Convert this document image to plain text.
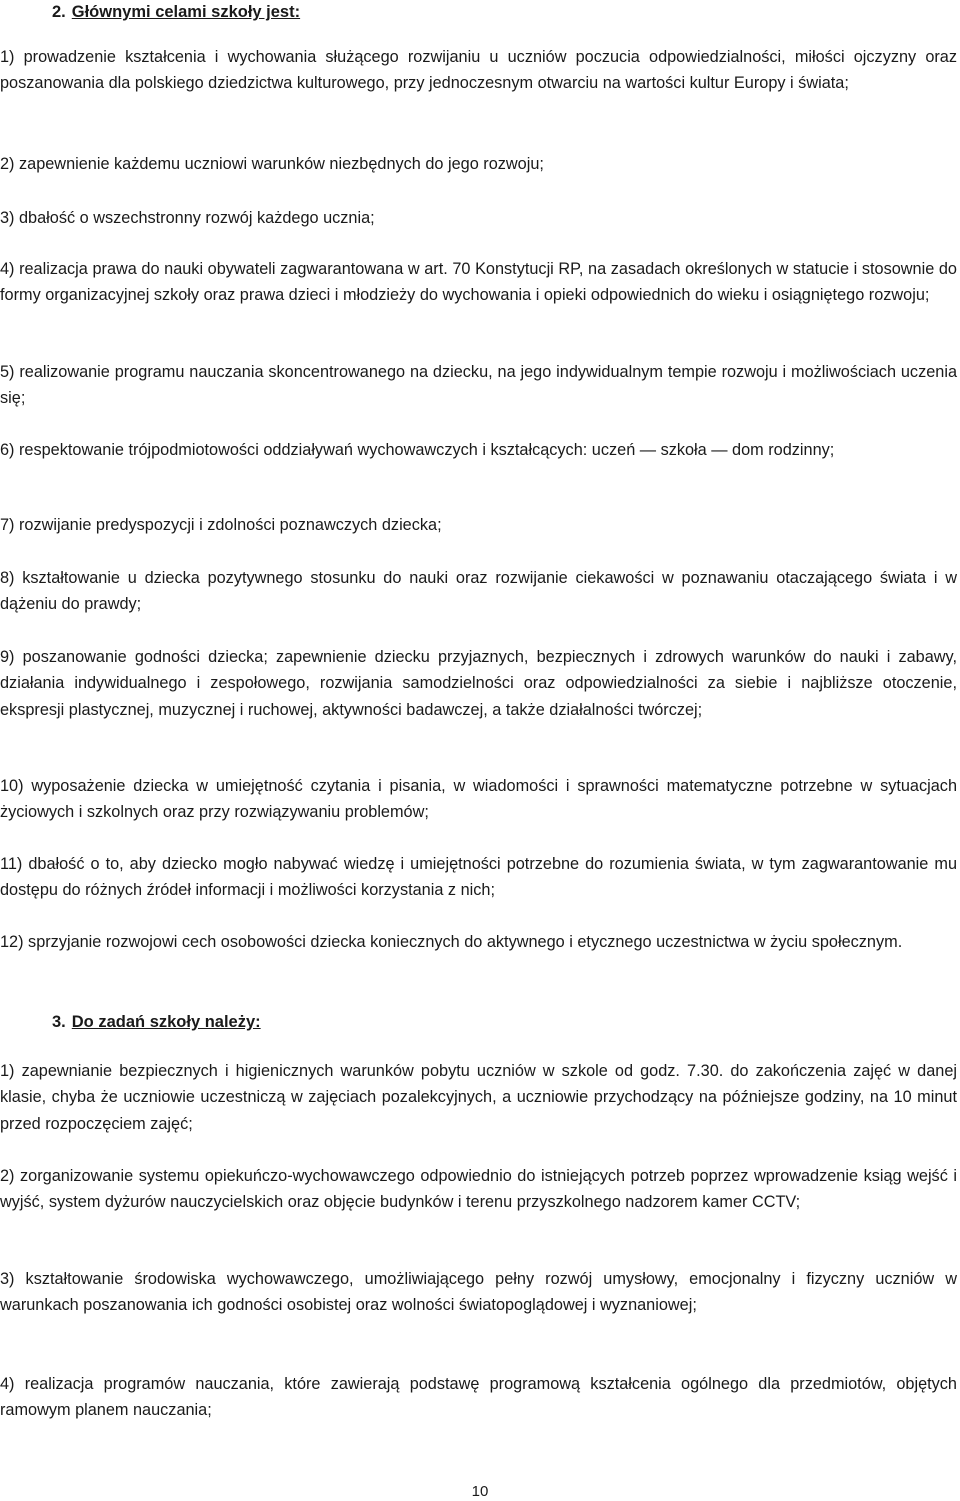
2. Głównymi celami szkoły jest:
1) prowadzenie kształcenia i wychowania służącego rozwijaniu u uczniów poczucia odpowiedzialności, miłości ojczyzny oraz poszanowania dla polskiego dziedzictwa kulturowego, przy jednoczesnym otwarciu na wartości kultur Europy i świata;
2) zapewnienie każdemu uczniowi warunków niezbędnych do jego rozwoju;
3) dbałość o wszechstronny rozwój każdego ucznia;
4) realizacja prawa do nauki obywateli zagwarantowana w art. 70 Konstytucji RP, na zasadach określonych w statucie i stosownie do formy organizacyjnej szkoły oraz prawa dzieci i młodzieży do wychowania i opieki odpowiednich do wieku i osiągniętego rozwoju;
5) realizowanie programu nauczania skoncentrowanego na dziecku, na jego indywidualnym tempie rozwoju i możliwościach uczenia się;
6) respektowanie trójpodmiotowości oddziaływań wychowawczych i kształcących: uczeń — szkoła — dom rodzinny;
7) rozwijanie predyspozycji i zdolności poznawczych dziecka;
8) kształtowanie u dziecka pozytywnego stosunku do nauki oraz rozwijanie ciekawości w poznawaniu otaczającego świata i w dążeniu do prawdy;
9) poszanowanie godności dziecka; zapewnienie dziecku przyjaznych, bezpiecznych i zdrowych warunków do nauki i zabawy, działania indywidualnego i zespołowego, rozwijania samodzielności oraz odpowiedzialności za siebie i najbliższe otoczenie, ekspresji plastycznej, muzycznej i ruchowej, aktywności badawczej, a także działalności twórczej;
10) wyposażenie dziecka w umiejętność czytania i pisania, w wiadomości i sprawności matematyczne potrzebne w sytuacjach życiowych i szkolnych oraz przy rozwiązywaniu problemów;
11) dbałość o to, aby dziecko mogło nabywać wiedzę i umiejętności potrzebne do rozumienia świata, w tym zagwarantowanie mu dostępu do różnych źródeł informacji i możliwości korzystania z nich;
12) sprzyjanie rozwojowi cech osobowości dziecka koniecznych do aktywnego i etycznego uczestnictwa w życiu społecznym.
3. Do zadań szkoły należy:
1) zapewnianie bezpiecznych i higienicznych warunków pobytu uczniów w szkole od godz. 7.30. do zakończenia zajęć w danej klasie, chyba że uczniowie uczestniczą w zajęciach pozalekcyjnych, a uczniowie przychodzący na późniejsze godziny, na 10 minut przed rozpoczęciem zajęć;
2) zorganizowanie systemu opiekuńczo-wychowawczego odpowiednio do istniejących potrzeb poprzez wprowadzenie ksiąg wejść i wyjść, system dyżurów nauczycielskich oraz objęcie budynków i terenu przyszkolnego nadzorem kamer CCTV;
3) kształtowanie środowiska wychowawczego, umożliwiającego pełny rozwój umysłowy, emocjonalny i fizyczny uczniów w warunkach poszanowania ich godności osobistej oraz wolności światopoglądowej i wyznaniowej;
4) realizacja programów nauczania, które zawierają podstawę programową kształcenia ogólnego dla przedmiotów, objętych ramowym planem nauczania;
10
